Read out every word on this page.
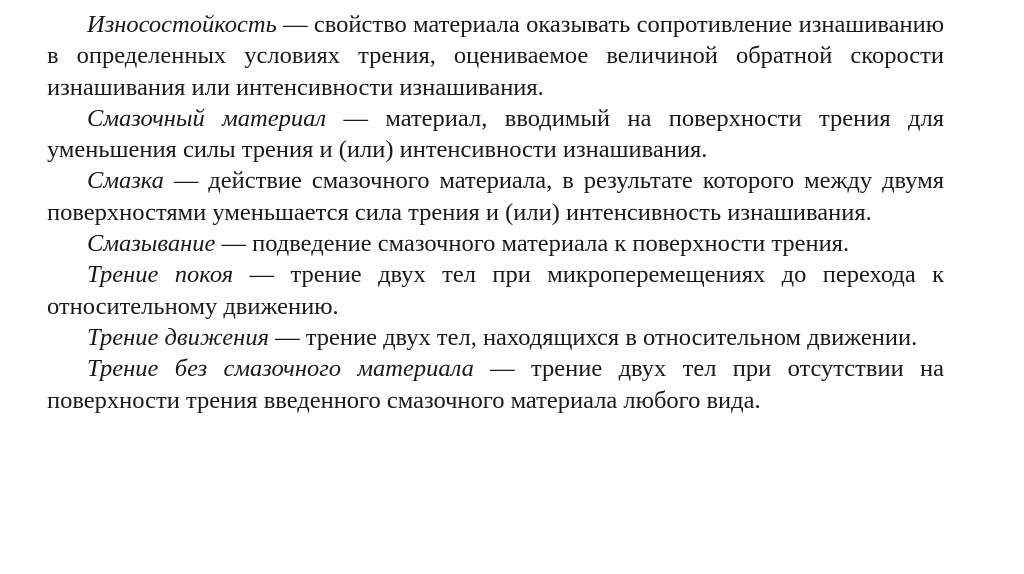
Износостойкость — свойство материала оказывать сопротивление изнашиванию в определенных условиях трения, оцениваемое величиной обратной скорости изнашивания или интенсивности изнашивания.

Смазочный материал — материал, вводимый на поверхности трения для уменьшения силы трения и (или) интенсивности изнашивания.

Смазка — действие смазочного материала, в результате которого между двумя поверхностями уменьшается сила трения и (или) интенсивность изнашивания.

Смазывание — подведение смазочного материала к поверхности трения.

Трение покоя — трение двух тел при микроперемещениях до перехода к относительному движению.

Трение движения — трение двух тел, находящихся в относительном движении.

Трение без смазочного материала — трение двух тел при отсутствии на поверхности трения введенного смазочного материала любого вида.
